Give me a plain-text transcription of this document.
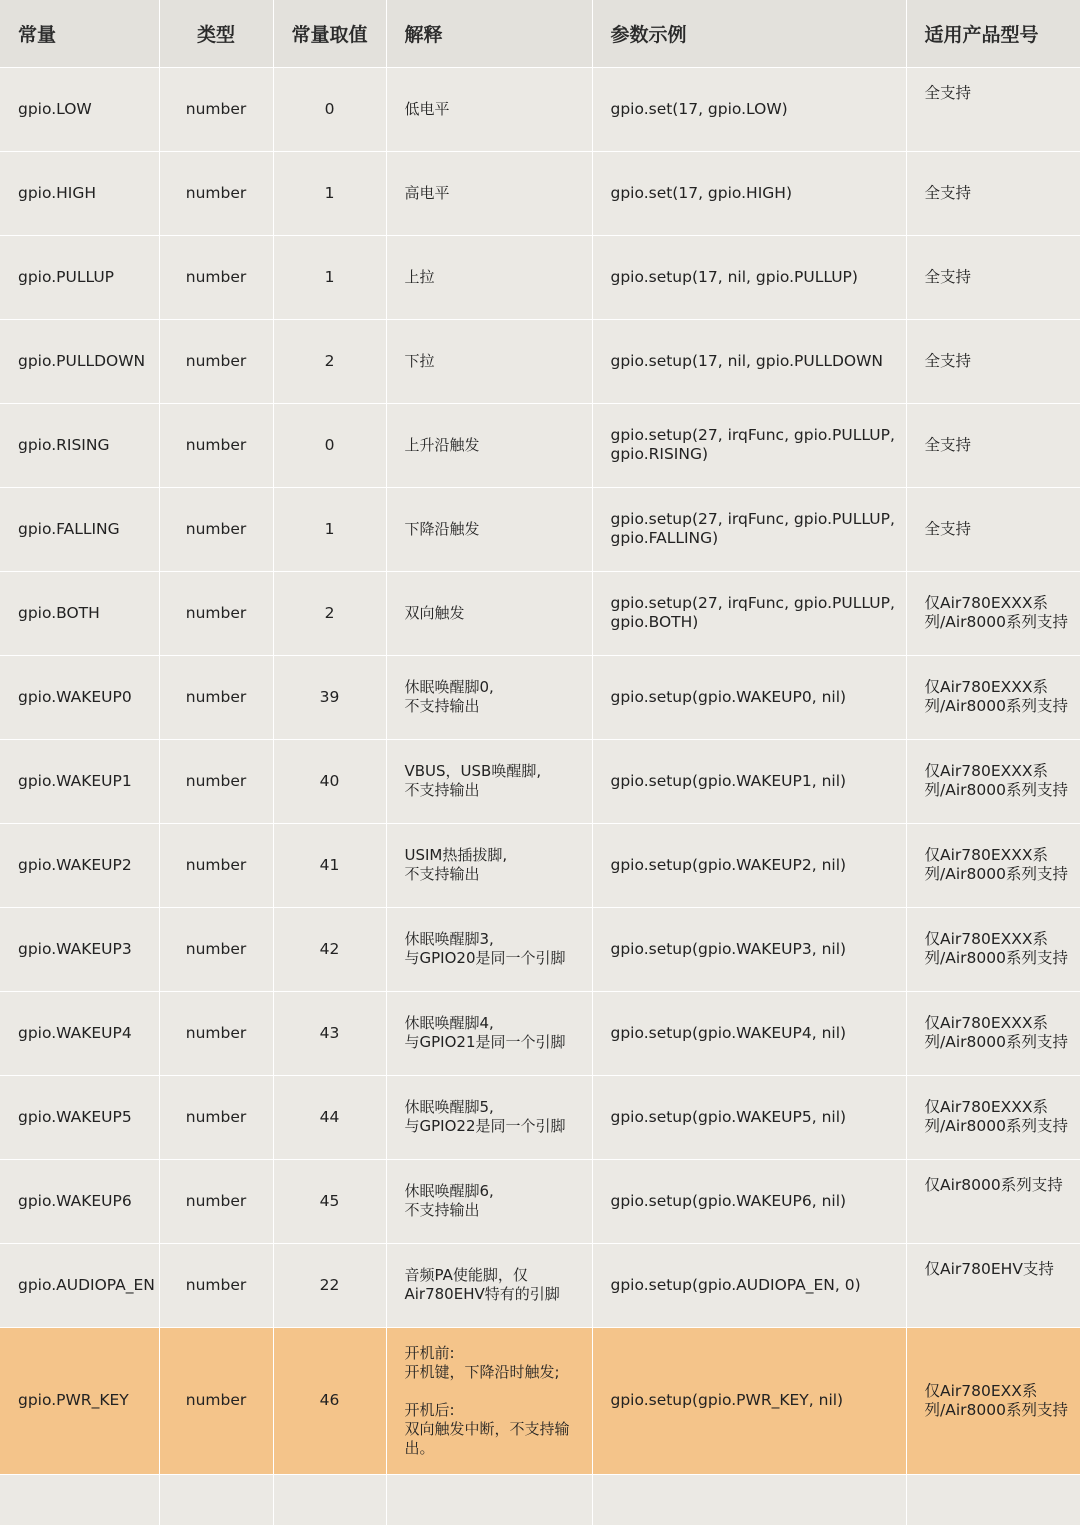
常量	类型	常量取值	解释	参数示例	适用产品型号
gpio.LOW	number	0	低电平	gpio.set(17, gpio.LOW)	全支持
gpio.HIGH	number	1	高电平	gpio.set(17, gpio.HIGH)	全支持
gpio.PULLUP	number	1	上拉	gpio.setup(17, nil, gpio.PULLUP)	全支持
gpio.PULLDOWN	number	2	下拉	gpio.setup(17, nil, gpio.PULLDOWN	全支持
gpio.RISING	number	0	上升沿触发	gpio.setup(27, irqFunc, gpio.PULLUP, gpio.RISING)	全支持
gpio.FALLING	number	1	下降沿触发	gpio.setup(27, irqFunc, gpio.PULLUP, gpio.FALLING)	全支持
gpio.BOTH	number	2	双向触发	gpio.setup(27, irqFunc, gpio.PULLUP, gpio.BOTH)	仅Air780EXXX系列/Air8000系列支持
gpio.WAKEUP0	number	39	休眠唤醒脚0,
不支持输出	gpio.setup(gpio.WAKEUP0, nil)	仅Air780EXXX系列/Air8000系列支持
gpio.WAKEUP1	number	40	VBUS，USB唤醒脚,
不支持输出	gpio.setup(gpio.WAKEUP1, nil)	仅Air780EXXX系列/Air8000系列支持
gpio.WAKEUP2	number	41	USIM热插拔脚,
不支持输出	gpio.setup(gpio.WAKEUP2, nil)	仅Air780EXXX系列/Air8000系列支持
gpio.WAKEUP3	number	42	休眠唤醒脚3,
与GPIO20是同一个引脚	gpio.setup(gpio.WAKEUP3, nil)	仅Air780EXXX系列/Air8000系列支持
gpio.WAKEUP4	number	43	休眠唤醒脚4,
与GPIO21是同一个引脚	gpio.setup(gpio.WAKEUP4, nil)	仅Air780EXXX系列/Air8000系列支持
gpio.WAKEUP5	number	44	休眠唤醒脚5,
与GPIO22是同一个引脚	gpio.setup(gpio.WAKEUP5, nil)	仅Air780EXXX系列/Air8000系列支持
gpio.WAKEUP6	number	45	休眠唤醒脚6,
不支持输出	gpio.setup(gpio.WAKEUP6, nil)	仅Air8000系列支持
gpio.AUDIOPA_EN	number	22	音频PA使能脚，仅
Air780EHV特有的引脚	gpio.setup(gpio.AUDIOPA_EN, 0)	仅Air780EHV支持
gpio.PWR_KEY	number	46	开机前:
开机键，下降沿时触发;

开机后:
双向触发中断，不支持输出。	gpio.setup(gpio.PWR_KEY, nil)	仅Air780EXX系列/Air8000系列支持
